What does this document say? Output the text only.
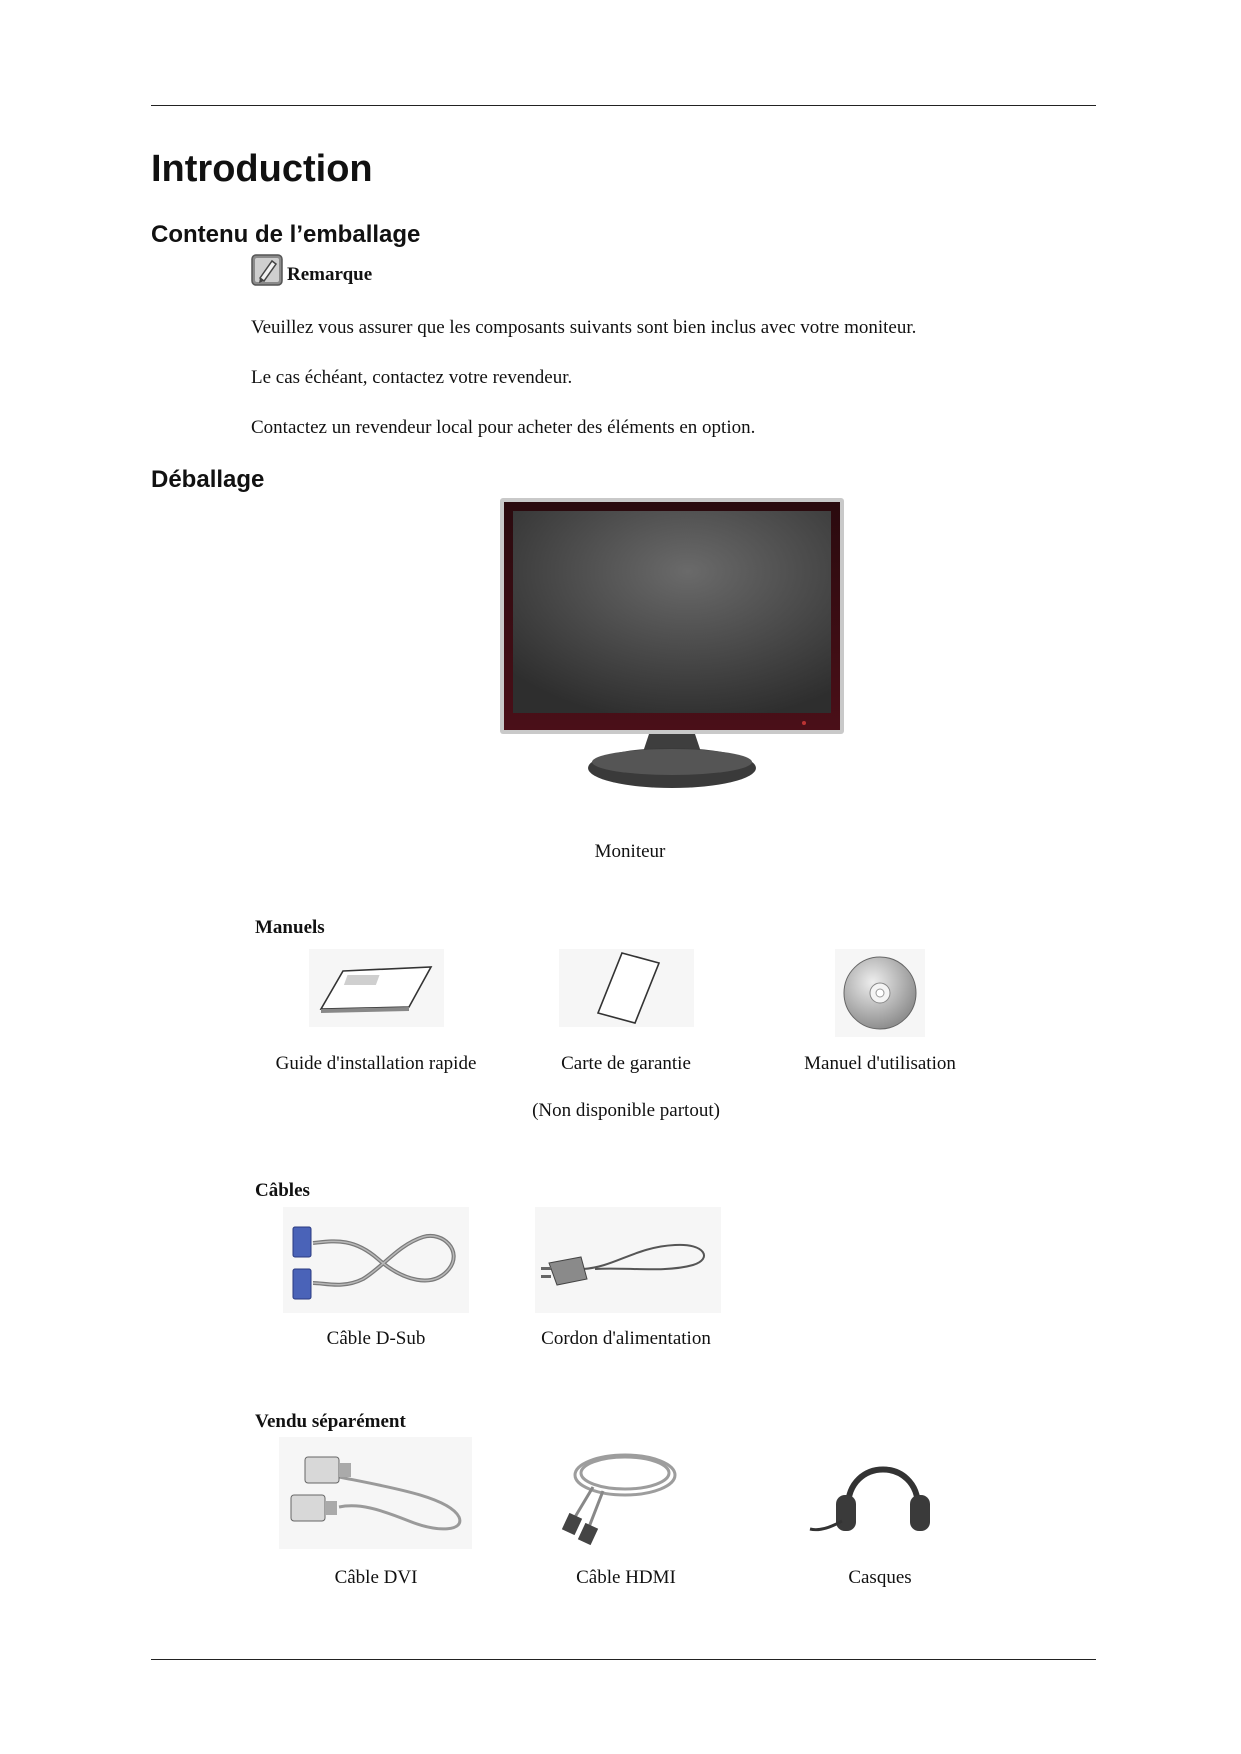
Introduction
Contenu de l’emballage
Remarque

Veuillez vous assurer que les composants suivants sont bien inclus avec votre moniteur.

Le cas échéant, contactez votre revendeur.

Contactez un revendeur local pour acheter des éléments en option.

Déballage
Moniteur
Manuels
Guide d'installation rapide	Carte de garantie
(Non disponible partout)
Manuel d'utilisation
Câbles
Câble D-Sub	Cordon d'alimentation
Vendu séparément
Câble DVI	Câble HDMI	Casques
